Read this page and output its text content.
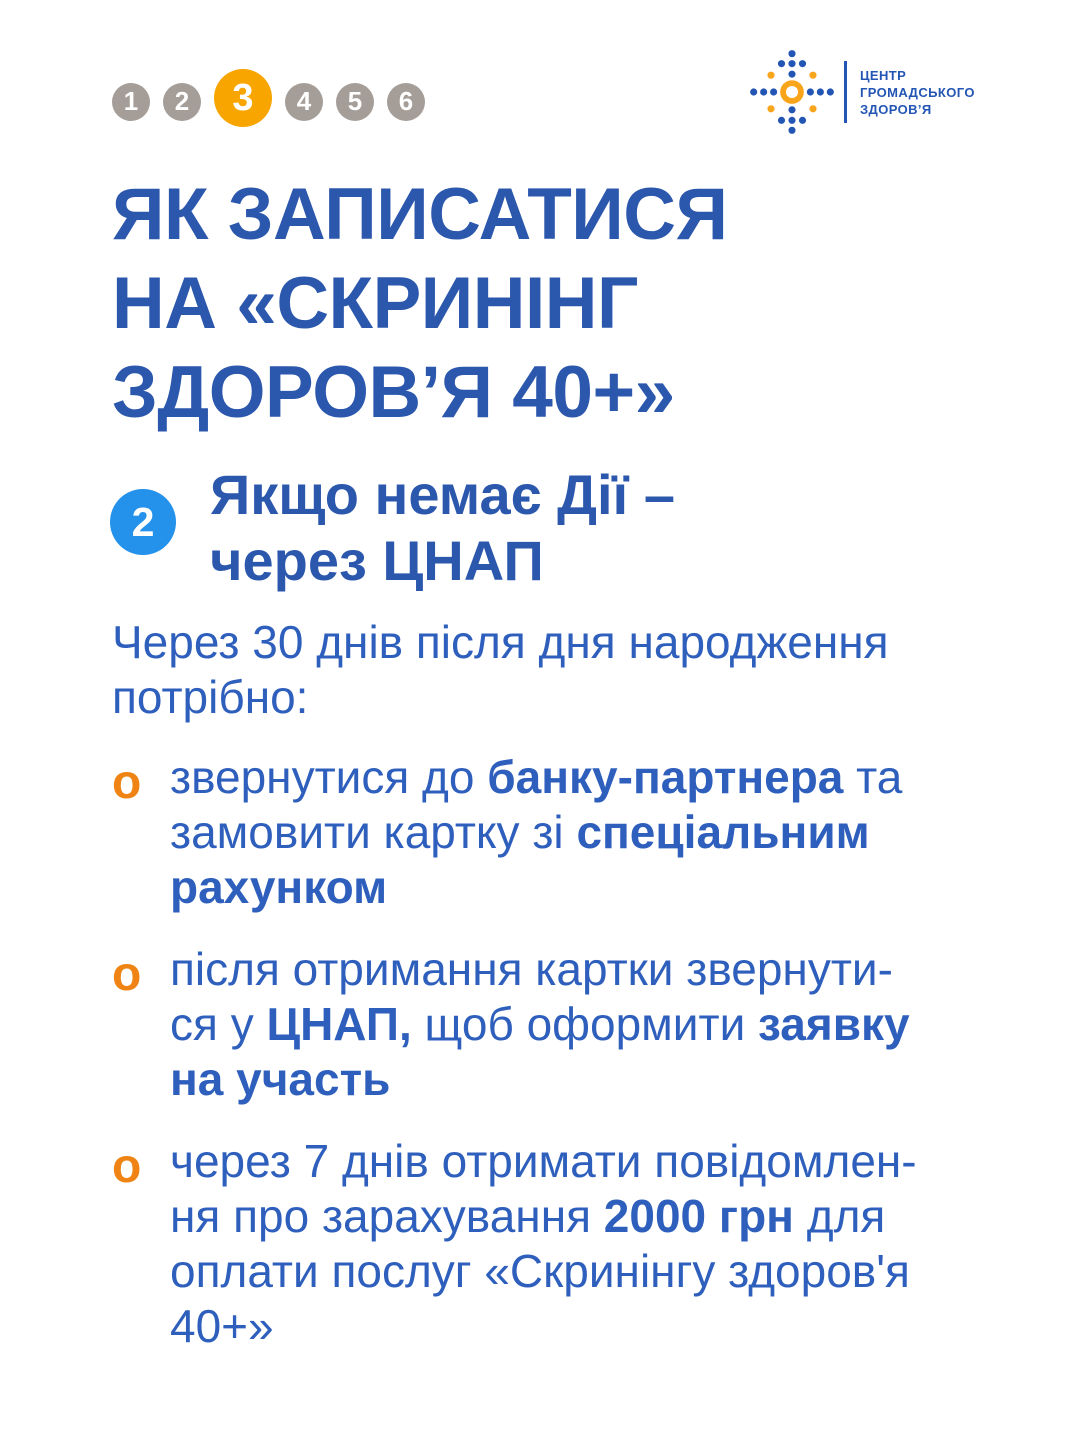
1	2	3	4	5	6
ЦЕНТР
ГРОМАДСЬКОГО
ЗДОРОВ’Я
ЯК ЗАПИСАТИСЯ
НА «СКРИНІНГ
ЗДОРОВ’Я 40+»
2 Якщо немає Дії –
через ЦНАП

Через 30 днів після дня народження
потрібно:

o звернутися до банку-партнера та
замовити картку зі спеціальним
рахунком
o після отримання картки звернути-
ся у ЦНАП, щоб оформити заявку
на участь
o через 7 днів отримати повідомлен-
ня про зарахування 2000 грн для
оплати послуг «Скринінгу здоров'я
40+»
